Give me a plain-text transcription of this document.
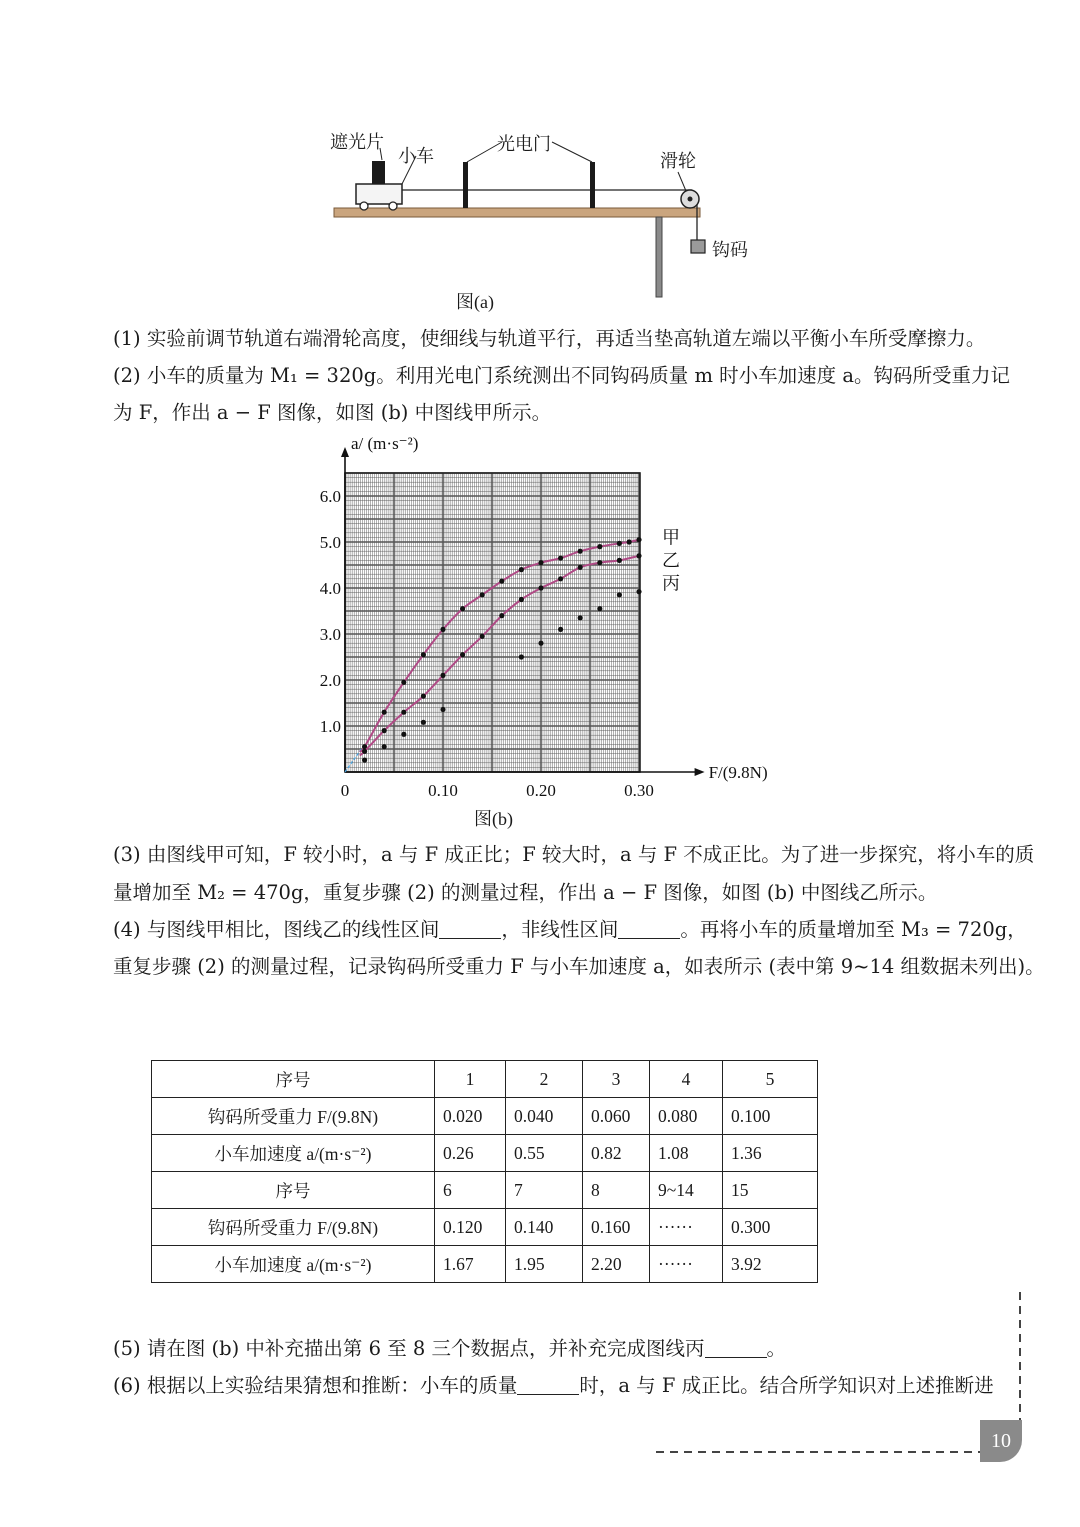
遮光片
小车
光电门
滑轮
钩码
图(a)
(1) 实验前调节轨道右端滑轮高度，使细线与轨道平行，再适当垫高轨道左端以平衡小车所受摩擦力。
(2) 小车的质量为 M₁ = 320g。利用光电门系统测出不同钩码质量 m 时小车加速度 a。钩码所受重力记
为 F，作出 a − F 图像，如图 (b) 中图线甲所示。
0.10	0.20	0.30
1.0
2.0
3.0
4.0
5.0
6.0
0
F/(9.8N)
a/ (m·s⁻²)
甲
乙
丙
图(b)
(3) 由图线甲可知，F 较小时，a 与 F 成正比；F 较大时，a 与 F 不成正比。为了进一步探究，将小车的质
量增加至 M₂ = 470g，重复步骤 (2) 的测量过程，作出 a − F 图像，如图 (b) 中图线乙所示。
(4) 与图线甲相比，图线乙的线性区间	，非线性区间	。再将小车的质量增加至 M₃ = 720g，
重复步骤 (2) 的测量过程，记录钩码所受重力 F 与小车加速度 a，如表所示 (表中第 9~14 组数据未列出)。
序号	1	2	3	4	5
钩码所受重力 F/(9.8N)	0.020	0.040	0.060	0.080	0.100
小车加速度 a/(m·s⁻²)	0.26	0.55	0.82	1.08	1.36
序号	6	7	8	9~14	15
钩码所受重力 F/(9.8N)	0.120	0.140	0.160	······	0.300
小车加速度 a/(m·s⁻²)	1.67	1.95	2.20	······	3.92
(5) 请在图 (b) 中补充描出第 6 至 8 三个数据点，并补充完成图线丙	。
(6) 根据以上实验结果猜想和推断：小车的质量	时，a 与 F 成正比。结合所学知识对上述推断进
10
